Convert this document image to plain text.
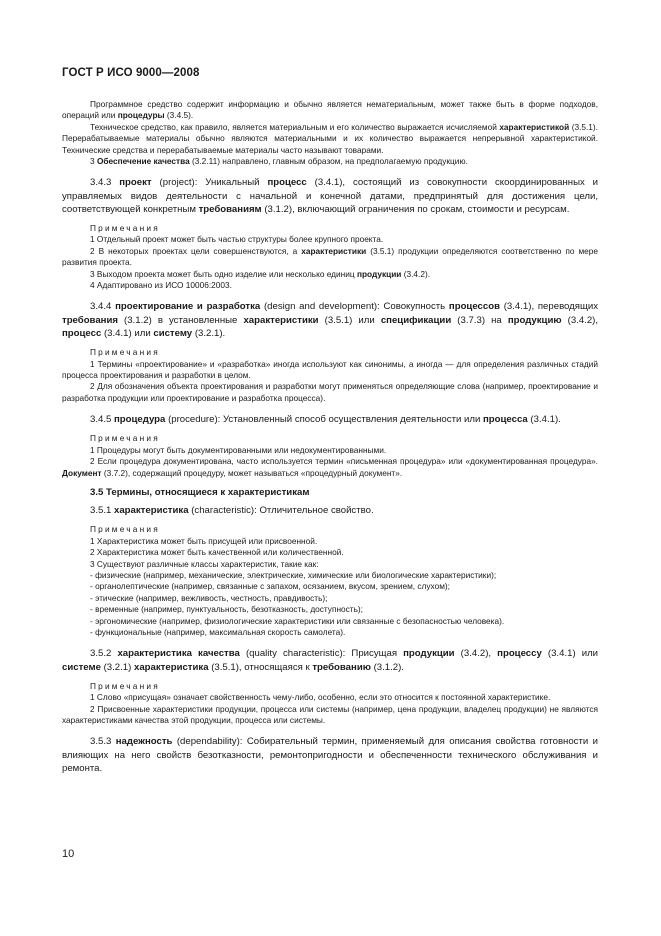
ГОСТ Р ИСО 9000—2008

Программное средство содержит информацию и обычно является нематериальным, может также быть в форме подходов, операций или процедуры (3.4.5).

Техническое средство, как правило, является материальным и его количество выражается исчисляемой характеристикой (3.5.1). Перерабатываемые материалы обычно являются материальными и их количество выражается непрерывной характеристикой. Технические средства и перерабатываемые материалы часто называют товарами.

3 Обеспечение качества (3.2.11) направлено, главным образом, на предполагаемую продукцию.

3.4.3 проект (project): Уникальный процесс (3.4.1), состоящий из совокупности скоординированных и управляемых видов деятельности с начальной и конечной датами, предпринятый для достижения цели, соответствующей конкретным требованиям (3.1.2), включающий ограничения по срокам, стоимости и ресурсам.

Примечания

1 Отдельный проект может быть частью структуры более крупного проекта.

2 В некоторых проектах цели совершенствуются, а характеристики (3.5.1) продукции определяются соответственно по мере развития проекта.

3 Выходом проекта может быть одно изделие или несколько единиц продукции (3.4.2).

4 Адаптировано из ИСО 10006:2003.

3.4.4 проектирование и разработка (design and development): Совокупность процессов (3.4.1), переводящих требования (3.1.2) в установленные характеристики (3.5.1) или спецификации (3.7.3) на продукцию (3.4.2), процесс (3.4.1) или систему (3.2.1).

Примечания

1 Термины «проектирование» и «разработка» иногда используют как синонимы, а иногда — для определения различных стадий процесса проектирования и разработки в целом.

2 Для обозначения объекта проектирования и разработки могут применяться определяющие слова (например, проектирование и разработка продукции или проектирование и разработка процесса).

3.4.5 процедура (procedure): Установленный способ осуществления деятельности или процесса (3.4.1).

Примечания

1 Процедуры могут быть документированными или недокументированными.

2 Если процедура документирована, часто используется термин «письменная процедура» или «документированная процедура». Документ (3.7.2), содержащий процедуру, может называться «процедурный документ».

3.5 Термины, относящиеся к характеристикам

3.5.1 характеристика (characteristic): Отличительное свойство.

Примечания

1 Характеристика может быть присущей или присвоенной.

2 Характеристика может быть качественной или количественной.

3 Существуют различные классы характеристик, такие как:

- физические (например, механические, электрические, химические или биологические характеристики);

- органолептические (например, связанные с запахом, осязанием, вкусом, зрением, слухом);

- этические (например, вежливость, честность, правдивость);

- временные (например, пунктуальность, безотказность, доступность);

- эргономические (например, физиологические характеристики или связанные с безопасностью человека).

- функциональные (например, максимальная скорость самолета).

3.5.2 характеристика качества (quality characteristic): Присущая продукции (3.4.2), процессу (3.4.1) или системе (3.2.1) характеристика (3.5.1), относящаяся к требованию (3.1.2).

Примечания

1 Слово «присущая» означает свойственность чему-либо, особенно, если это относится к постоянной характеристике.

2 Присвоенные характеристики продукции, процесса или системы (например, цена продукции, владелец продукции) не являются характеристиками качества этой продукции, процесса или системы.

3.5.3 надежность (dependability): Собирательный термин, применяемый для описания свойства готовности и влияющих на него свойств безотказности, ремонтопригодности и обеспеченности технического обслуживания и ремонта.

10
